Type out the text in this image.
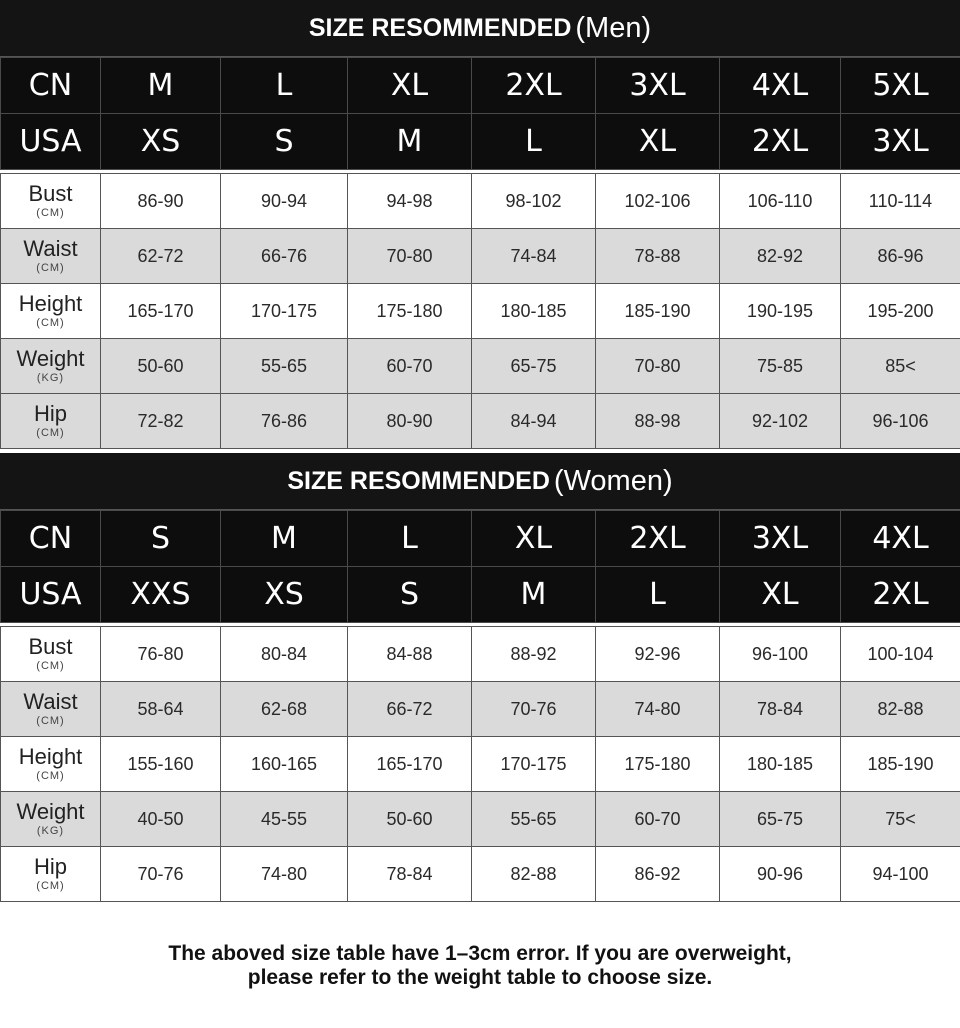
SIZE RESOMMENDED (Men)
CN	M	L	XL	2XL	3XL	4XL	5XL
USA	XS	S	M	L	XL	2XL	3XL

Bust
(CM)	86-90	90-94	94-98	98-102	102-106	106-110	110-114

Waist
(CM)	62-72	66-76	70-80	74-84	78-88	82-92	86-96

Height
(CM)	165-170	170-175	175-180	180-185	185-190	190-195	195-200

Weight
(KG)	50-60	55-65	60-70	65-75	70-80	75-85	85<

Hip
(CM)	72-82	76-86	80-90	84-94	88-98	92-102	96-106
SIZE RESOMMENDED (Women)
CN	S	M	L	XL	2XL	3XL	4XL
USA	XXS	XS	S	M	L	XL	2XL

Bust
(CM)	76-80	80-84	84-88	88-92	92-96	96-100	100-104

Waist
(CM)	58-64	62-68	66-72	70-76	74-80	78-84	82-88

Height
(CM)	155-160	160-165	165-170	170-175	175-180	180-185	185-190

Weight
(KG)	40-50	45-55	50-60	55-65	60-70	65-75	75<

Hip
(CM)	70-76	74-80	78-84	82-88	86-92	90-96	94-100
The aboved size table have 1–3cm error. If you are overweight,
please refer to the weight table to choose size.
